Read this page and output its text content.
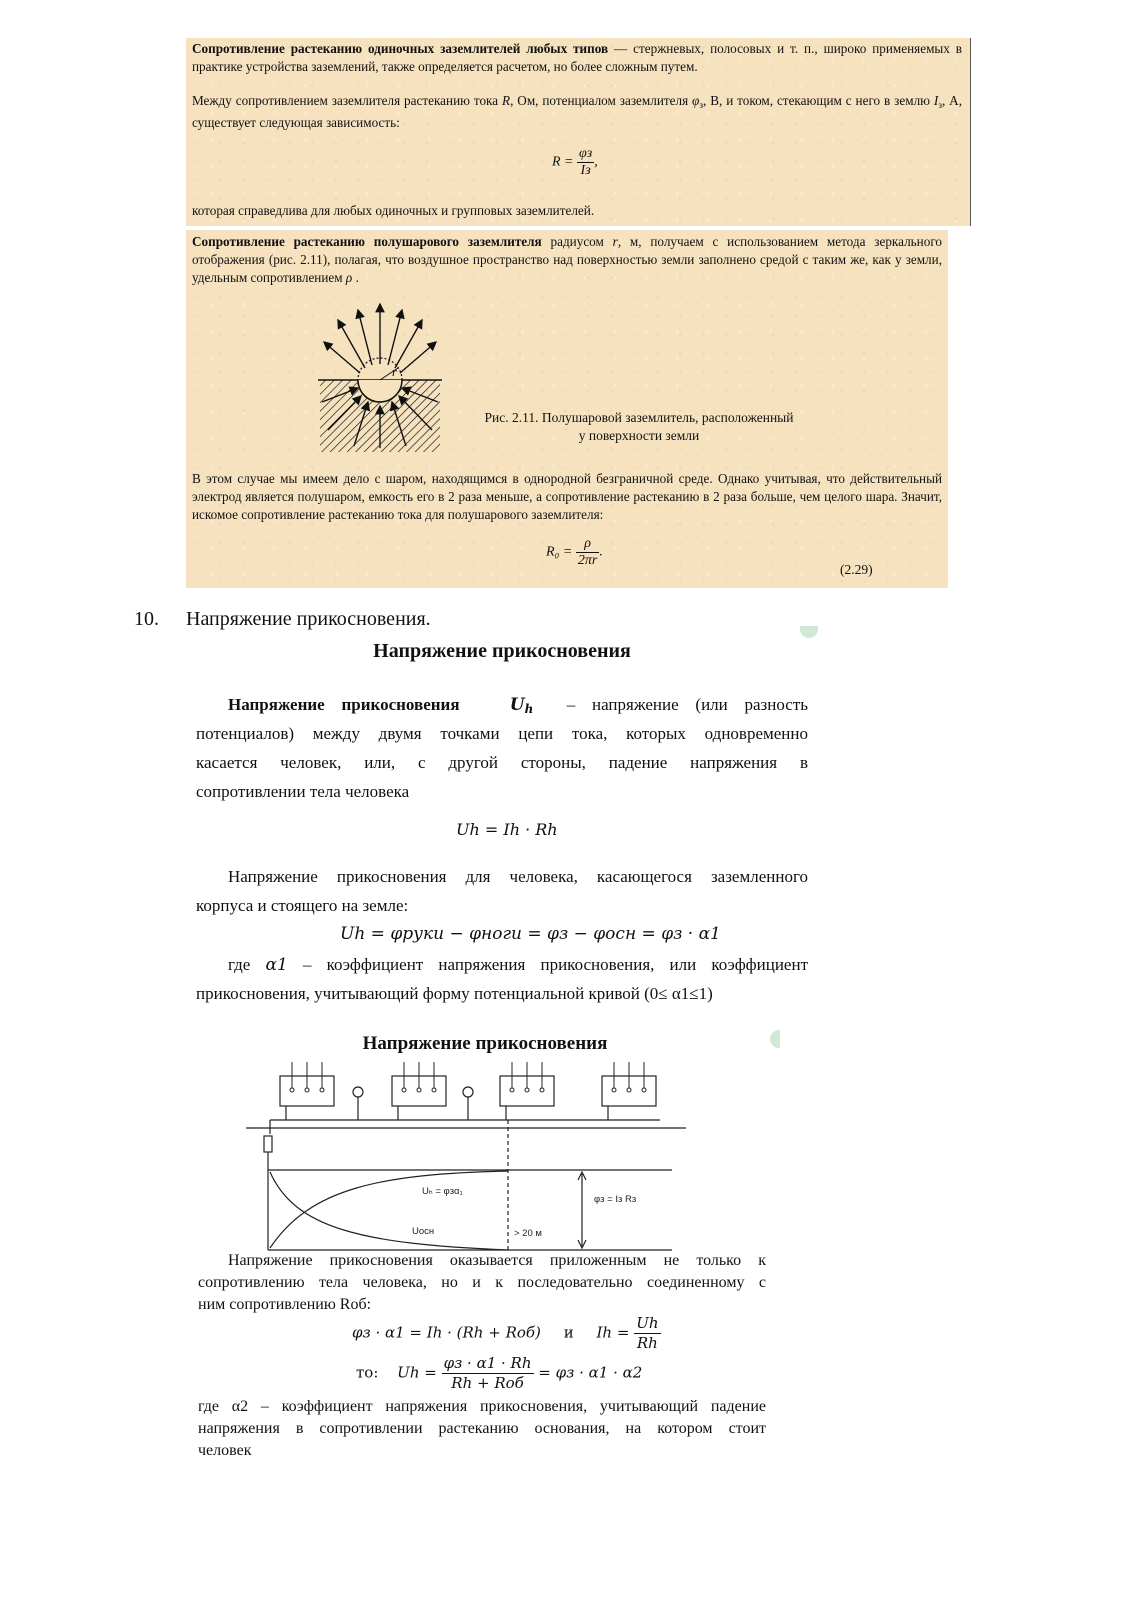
Сопротивление растеканию одиночных заземлителей любых типов — стержневых, полосовых и т. п., широко применяемых в практике устройства заземлений, также определяется расчетом, но более сложным путем.

Между сопротивлением заземлителя растеканию тока R, Ом, потенциалом заземлителя $\varphi_з$, В, и током, стекающим с него в землю $I_з$, А, существует следующая зависимость:

$R = \frac{\varphi з}{Iз}$ ,

которая справедлива для любых одиночных и групповых заземлителей.

Сопротивление растеканию полушарового заземлителя радиусом r, м, получаем с использованием метода зеркального отображения (рис. 2.11), полагая, что воздушное пространство над поверхностью земли заполнено средой с таким же, как у земли, удельным сопротивлением ρ .

r
Рис. 2.11. Полушаровой заземлитель, расположенный
у поверхности земли

В этом случае мы имеем дело с шаром, находящимся в однородной безграничной среде. Однако учитывая, что действительный электрод является полушаром, емкость его в 2 раза меньше, а сопротивление растеканию в 2 раза больше, чем целого шара. Значит, искомое сопротивление растеканию тока для полушарового заземлителя:

$R_0 = \frac{\rho}{2\pi r}$ .
(2.29)
10. Напряжение прикосновения.
Напряжение прикосновения
Напряжение прикосновения	$U_h$ – напряжение (или разность
потенциалов) между двумя точками цепи тока, которых одновременно
касается человек, или, с другой стороны, падение напряжения в
сопротивлении тела человека
Uh = Ih · Rh
Напряжение прикосновения для человека, касающегося заземленного
корпуса и стоящего на земле:
Uh = φруки − φноги = φз − φосн = φз · α1
где α1 – коэффициент напряжения прикосновения, или коэффициент
прикосновения, учитывающий форму потенциальной кривой (0≤ α1≤1)
Напряжение прикосновения
Uₕ = φзα₁
Uосн	> 20 м
φз = Iз Rз
Напряжение прикосновения оказывается приложенным не только к
сопротивлению тела человека, но и к последовательно соединенному с
ним сопротивлению Rоб:
φз · α1 = Ih · (Rh + Rоб) и $Ih = \frac{Uh}{Rh}$
то: $Uh = \frac{\varphi з \cdot \alpha 1 \cdot Rh}{\text{Rh + Rоб}} = \varphi з \cdot \alpha 1 \cdot \alpha 2$
где α2 – коэффициент напряжения прикосновения, учитывающий падение
напряжения в сопротивлении растеканию основания, на котором стоит
человек
